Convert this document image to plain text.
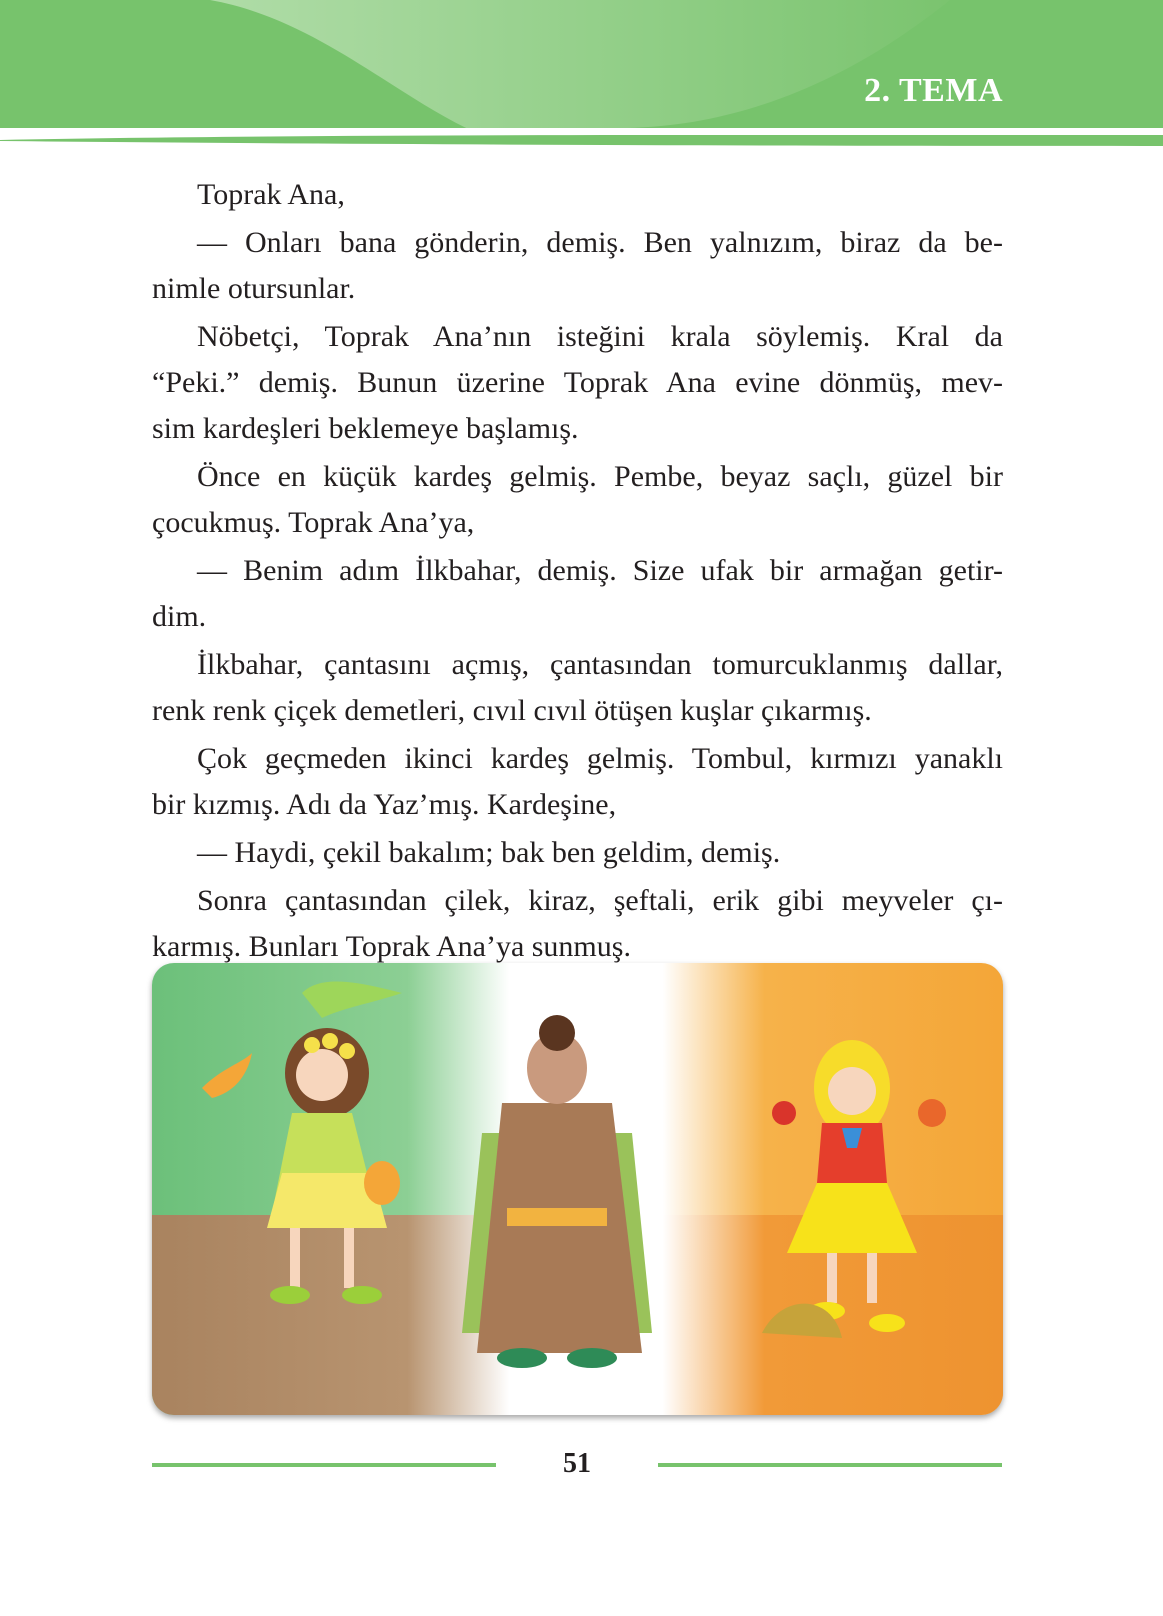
2. TEMA
Toprak Ana,
— Onları bana gönderin, demiş. Ben yalnızım, biraz da be-
nimle otursunlar.
Nöbetçi, Toprak Ana’nın isteğini krala söylemiş. Kral da
“Peki.” demiş. Bunun üzerine Toprak Ana evine dönmüş, mev-
sim kardeşleri beklemeye başlamış.
Önce en küçük kardeş gelmiş. Pembe, beyaz saçlı, güzel bir
çocukmuş. Toprak Ana’ya,
— Benim adım İlkbahar, demiş. Size ufak bir armağan getir-
dim.
İlkbahar, çantasını açmış, çantasından tomurcuklanmış dallar,
renk renk çiçek demetleri, cıvıl cıvıl ötüşen kuşlar çıkarmış.
Çok geçmeden ikinci kardeş gelmiş. Tombul, kırmızı yanaklı
bir kızmış. Adı da Yaz’mış. Kardeşine,
— Haydi, çekil bakalım; bak ben geldim, demiş.
Sonra çantasından çilek, kiraz, şeftali, erik gibi meyveler çı-
karmış. Bunları Toprak Ana’ya sunmuş.
51
